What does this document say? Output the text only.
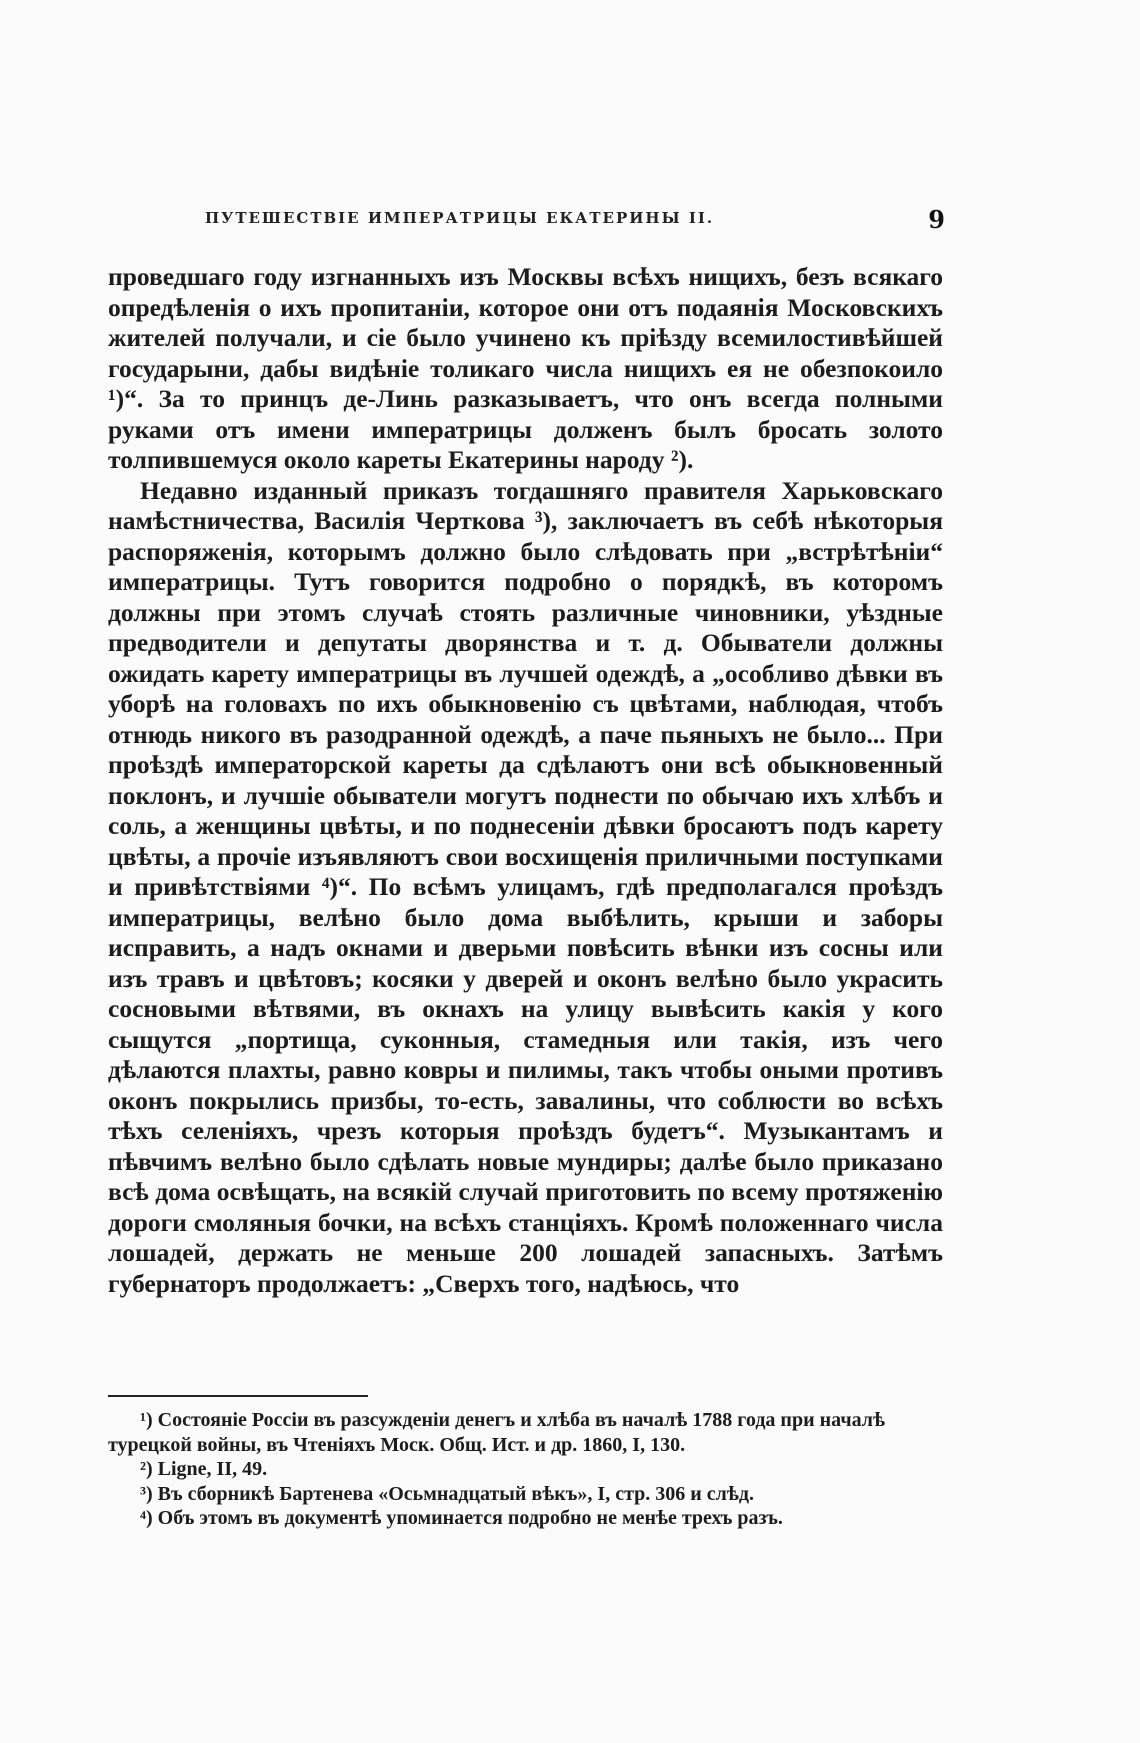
ПУТЕШЕСТВІЕ ИМПЕРАТРИЦЫ ЕКАТЕРИНЫ II.	9

проведшаго году изгнанныхъ изъ Москвы всѣхъ нищихъ, безъ всякаго опредѣленія о ихъ пропитаніи, которое они отъ подаянія Московскихъ жителей получали, и сіе было учинено къ пріѣзду всемилостивѣйшей государыни, дабы видѣніе толикаго числа нищихъ ея не обезпокоило ¹)“. За то принцъ де-Линь разказываетъ, что онъ всегда полными руками отъ имени императрицы долженъ былъ бросать золото толпившемуся около кареты Екатерины народу ²).

Недавно изданный приказъ тогдашняго правителя Харьковскаго намѣстничества, Василія Черткова ³), заключаетъ въ себѣ нѣкоторыя распоряженія, которымъ должно было слѣдовать при „встрѣтѣніи“ императрицы. Тутъ говорится подробно о порядкѣ, въ которомъ должны при этомъ случаѣ стоять различные чиновники, уѣздные предводители и депутаты дворянства и т. д. Обыватели должны ожидать карету императрицы въ лучшей одеждѣ, а „особливо дѣвки въ уборѣ на головахъ по ихъ обыкновенію съ цвѣтами, наблюдая, чтобъ отнюдь никого въ разодранной одеждѣ, а паче пьяныхъ не было... При проѣздѣ императорской кареты да сдѣлаютъ они всѣ обыкновенный поклонъ, и лучшіе обыватели могутъ поднести по обычаю ихъ хлѣбъ и соль, а женщины цвѣты, и по поднесеніи дѣвки бросаютъ подъ карету цвѣты, а прочіе изъявляютъ свои восхищенія приличными поступками и привѣтствіями ⁴)“. По всѣмъ улицамъ, гдѣ предполагался проѣздъ императрицы, велѣно было дома выбѣлить, крыши и заборы исправить, а надъ окнами и дверьми повѣсить вѣнки изъ сосны или изъ травъ и цвѣтовъ; косяки у дверей и оконъ велѣно было украсить сосновыми вѣтвями, въ окнахъ на улицу вывѣсить какія у кого сыщутся „портища, суконныя, стамедныя или такія, изъ чего дѣлаются плахты, равно ковры и пилимы, такъ чтобы оными противъ оконъ покрылись призбы, то-есть, завалины, что соблюсти во всѣхъ тѣхъ селеніяхъ, чрезъ которыя проѣздъ будетъ“. Музыкантамъ и пѣвчимъ велѣно было сдѣлать новые мундиры; далѣе было приказано всѣ дома освѣщать, на всякій случай приготовить по всему протяженію дороги смоляныя бочки, на всѣхъ станціяхъ. Кромѣ положеннаго числа лошадей, держать не меньше 200 лошадей запасныхъ. Затѣмъ губернаторъ продолжаетъ: „Сверхъ того, надѣюсь, что

¹) Состояніе Россіи въ разсужденіи денегъ и хлѣба въ началѣ 1788 года при началѣ турецкой войны, въ Чтеніяхъ Моск. Общ. Ист. и др. 1860, I, 130.

²) Ligne, II, 49.

³) Въ сборникѣ Бартенева «Осьмнадцатый вѣкъ», I, стр. 306 и слѣд.

⁴) Объ этомъ въ документѣ упоминается подробно не менѣе трехъ разъ.
